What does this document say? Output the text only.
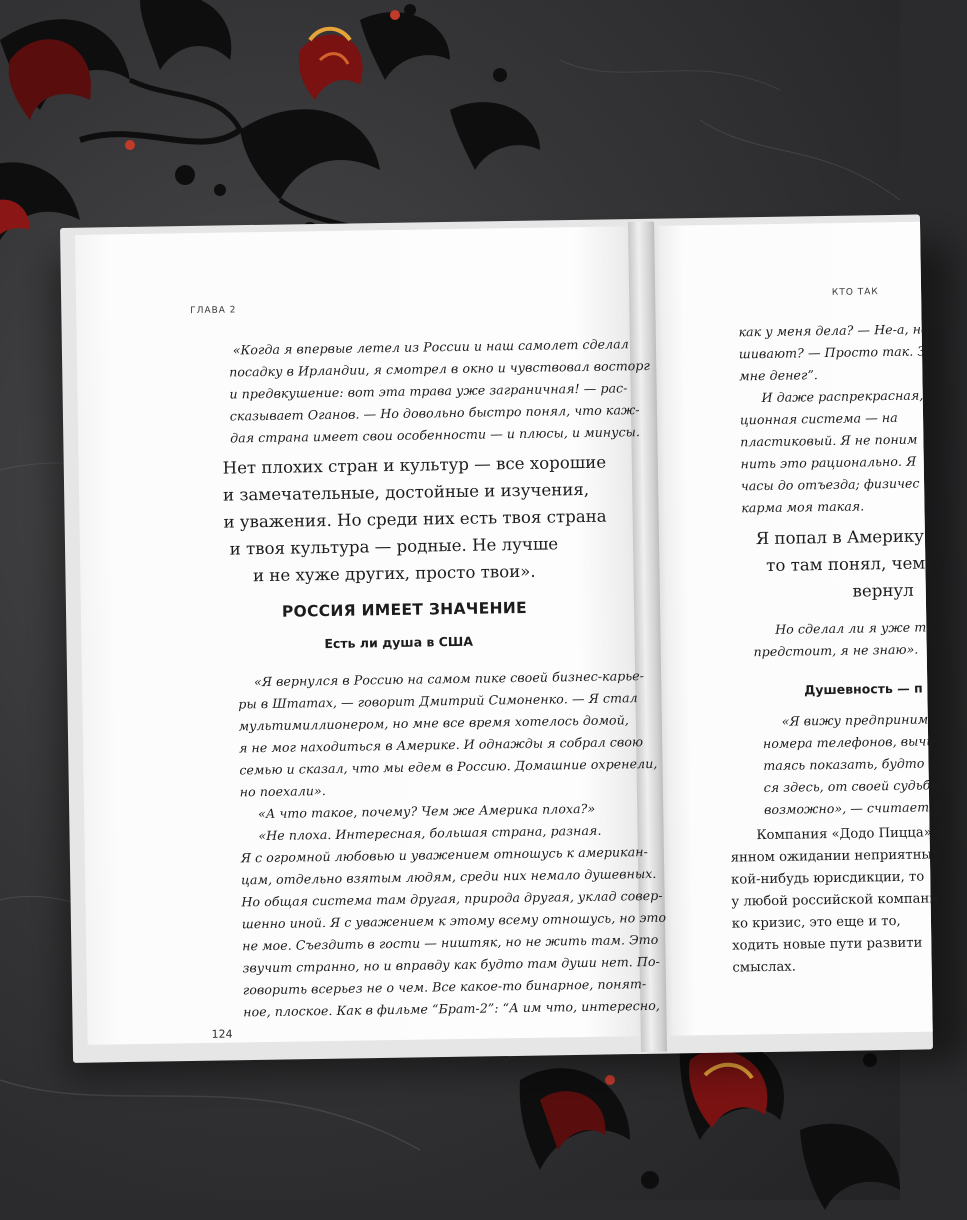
ГЛАВА 2
«Когда я впервые летел из России и наш самолет сделал
посадку в Ирландии, я смотрел в окно и чувствовал восторг
и предвкушение: вот эта трава уже заграничная! — рас-
сказывает Оганов. — Но довольно быстро понял, что каж-
дая страна имеет свои особенности — и плюсы, и минусы.
Нет плохих стран и культур — все хорошие
и замечательные, достойные и изучения,
и уважения. Но среди них есть твоя страна
и твоя культура — родные. Не лучше
и не хуже других, просто твои».
РОССИЯ ИМЕЕТ ЗНАЧЕНИЕ
Есть ли душа в США
«Я вернулся в Россию на самом пике своей бизнес-карье-
ры в Штатах, — говорит Дмитрий Симоненко. — Я стал
мультимиллионером, но мне все время хотелось домой,
я не мог находиться в Америке. И однажды я собрал свою
семью и сказал, что мы едем в Россию. Домашние охренели,
но поехали».
«А что такое, почему? Чем же Америка плоха?»
«Не плоха. Интересная, большая страна, разная.
Я с огромной любовью и уважением отношусь к американ-
цам, отдельно взятым людям, среди них немало душевных.
Но общая система там другая, природа другая, уклад совер-
шенно иной. Я с уважением к этому всему отношусь, но это
не мое. Съездить в гости — ништяк, но не жить там. Это
звучит странно, но и вправду как будто там души нет. По-
говорить всерьез не о чем. Все какое-то бинарное, понят-
ное, плоское. Как в фильме “Брат-2”: “А им что, интересно,
124
КТО ТАК
как у меня дела? — Не-а, не
шивают? — Просто так. З
мне денег”.
И даже распрекрасная,
ционная система — на
пластиковый. Я не поним
нить это рационально. Я
часы до отъезда; физичес
карма моя такая.
Я попал в Америку з
то там понял, чему-
вернул
Но сделал ли я уже то
предстоит, я не знаю».
Душевность — п
«Я вижу предприним
номера телефонов, вычи
таясь показать, будто о
ся здесь, от своей судьбы
возможно», — считает Ф
Компания «Додо Пицца» п
янном ожидании неприятных
кой-нибудь юрисдикции, то
у любой российской компани
ко кризис, это еще и то,
ходить новые пути развити
смыслах.
